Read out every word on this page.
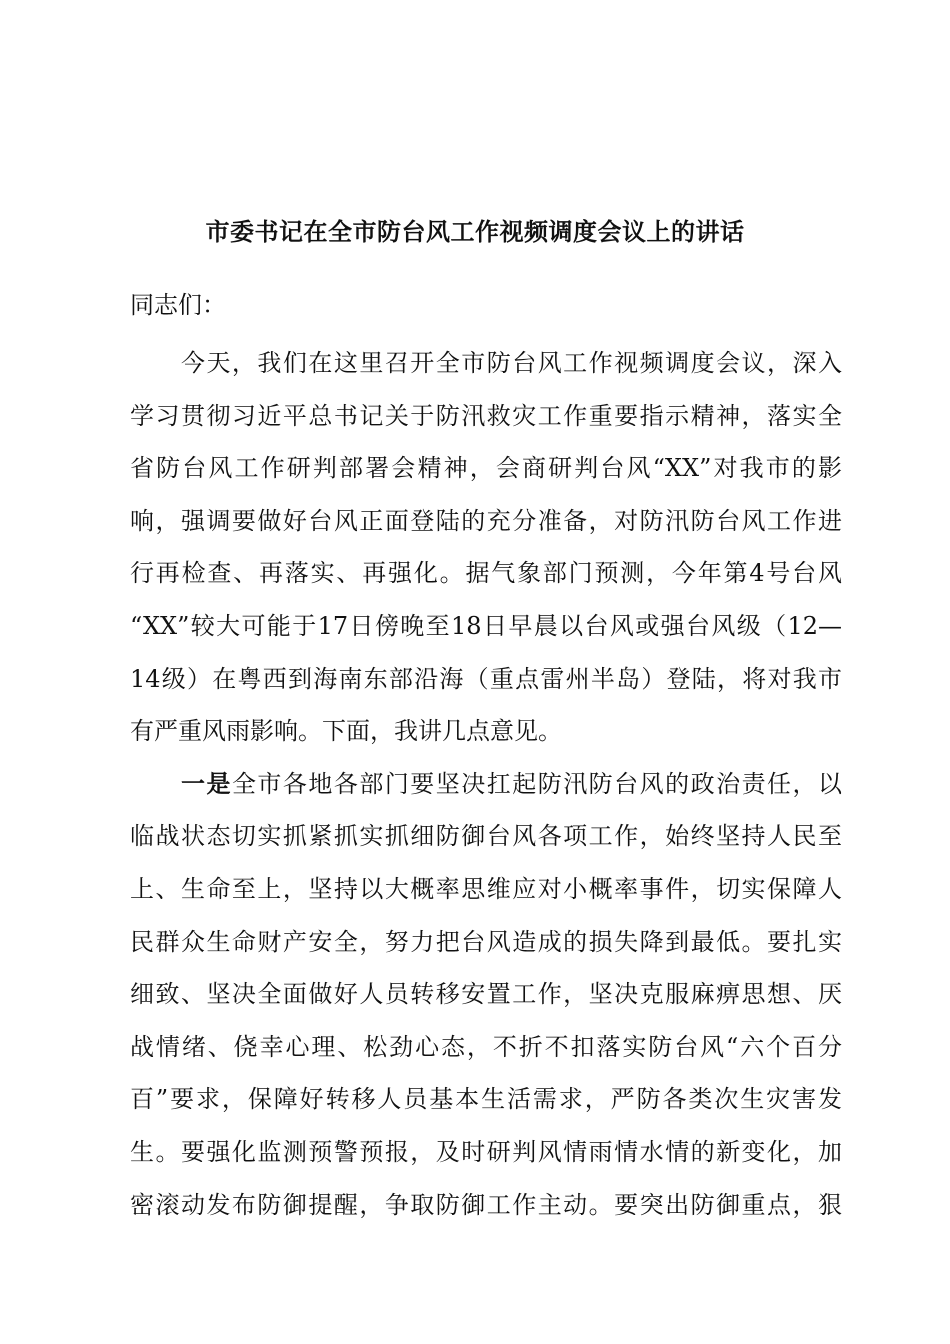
市委书记在全市防台风工作视频调度会议上的讲话
同志们：
　　今天，我们在这里召开全市防台风工作视频调度会议，深入
学习贯彻习近平总书记关于防汛救灾工作重要指示精神，落实全
省防台风工作研判部署会精神，会商研判台风“XX”对我市的影
响，强调要做好台风正面登陆的充分准备，对防汛防台风工作进
行再检查、再落实、再强化。据气象部门预测，今年第4号台风
“XX”较大可能于17日傍晚至18日早晨以台风或强台风级（12—
14级）在粤西到海南东部沿海（重点雷州半岛）登陆，将对我市
有严重风雨影响。下面，我讲几点意见。
　　一是全市各地各部门要坚决扛起防汛防台风的政治责任，以
临战状态切实抓紧抓实抓细防御台风各项工作，始终坚持人民至
上、生命至上，坚持以大概率思维应对小概率事件，切实保障人
民群众生命财产安全，努力把台风造成的损失降到最低。要扎实
细致、坚决全面做好人员转移安置工作，坚决克服麻痹思想、厌
战情绪、侥幸心理、松劲心态，不折不扣落实防台风“六个百分
百”要求，保障好转移人员基本生活需求，严防各类次生灾害发
生。要强化监测预警预报，及时研判风情雨情水情的新变化，加
密滚动发布防御提醒，争取防御工作主动。要突出防御重点，狠
